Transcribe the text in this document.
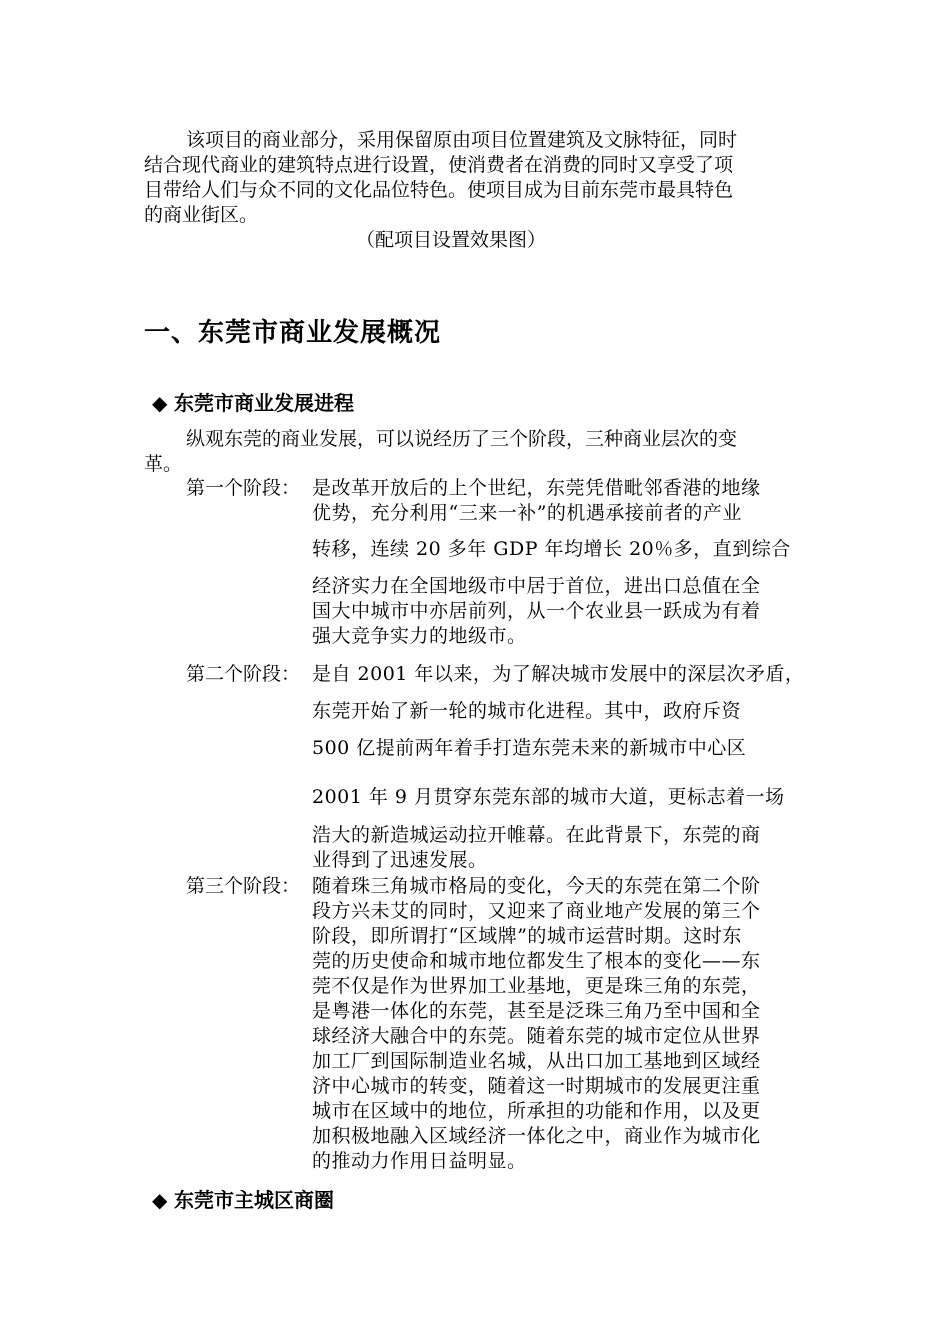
该项目的商业部分，采用保留原由项目位置建筑及文脉特征，同时

结合现代商业的建筑特点进行设置，使消费者在消费的同时又享受了项

目带给人们与众不同的文化品位特色。使项目成为目前东莞市最具特色

的商业街区。

（配项目设置效果图）

一、东莞市商业发展概况
◆ 东莞市商业发展进程

纵观东莞的商业发展，可以说经历了三个阶段，三种商业层次的变

革。

第一个阶段： 是改革开放后的上个世纪，东莞凭借毗邻香港的地缘
优势，充分利用“三来一补”的机遇承接前者的产业
转移，连续 20 多年 GDP 年均增长 20％多，直到综合
经济实力在全国地级市中居于首位，进出口总值在全
国大中城市中亦居前列，从一个农业县一跃成为有着
强大竞争实力的地级市。
第二个阶段： 是自 2001 年以来，为了解决城市发展中的深层次矛盾，
东莞开始了新一轮的城市化进程。其中，政府斥资
500 亿提前两年着手打造东莞未来的新城市中心区
2001 年 9 月贯穿东莞东部的城市大道，更标志着一场
浩大的新造城运动拉开帷幕。在此背景下，东莞的商
业得到了迅速发展。
第三个阶段： 随着珠三角城市格局的变化，今天的东莞在第二个阶
段方兴未艾的同时，又迎来了商业地产发展的第三个
阶段，即所谓打“区域牌”的城市运营时期。这时东
莞的历史使命和城市地位都发生了根本的变化——东
莞不仅是作为世界加工业基地，更是珠三角的东莞，
是粤港一体化的东莞，甚至是泛珠三角乃至中国和全
球经济大融合中的东莞。随着东莞的城市定位从世界
加工厂到国际制造业名城，从出口加工基地到区域经
济中心城市的转变，随着这一时期城市的发展更注重
城市在区域中的地位，所承担的功能和作用，以及更
加积极地融入区域经济一体化之中，商业作为城市化
的推动力作用日益明显。
◆ 东莞市主城区商圈
